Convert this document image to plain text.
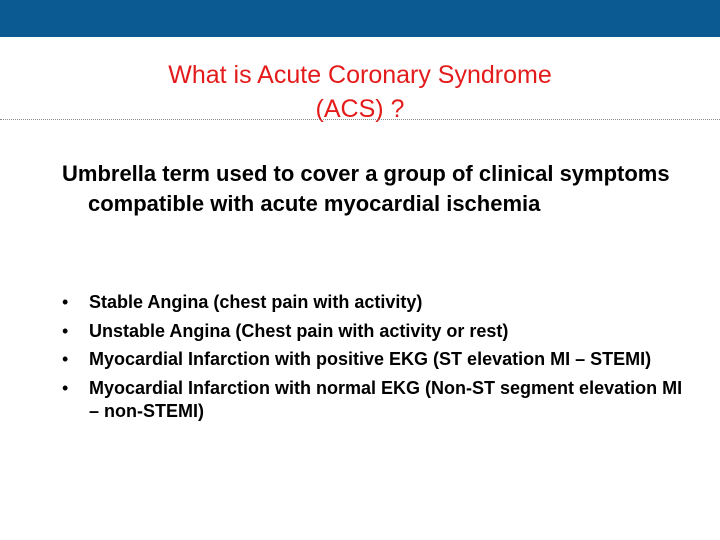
What is Acute Coronary Syndrome
(ACS) ?

Umbrella term used to cover a group of clinical symptoms compatible with acute myocardial ischemia

• Stable Angina (chest pain with activity)
• Unstable Angina (Chest pain with activity or rest)
• Myocardial Infarction with positive EKG (ST elevation MI – STEMI)
• Myocardial Infarction with normal EKG (Non-ST segment elevation MI – non-STEMI)
